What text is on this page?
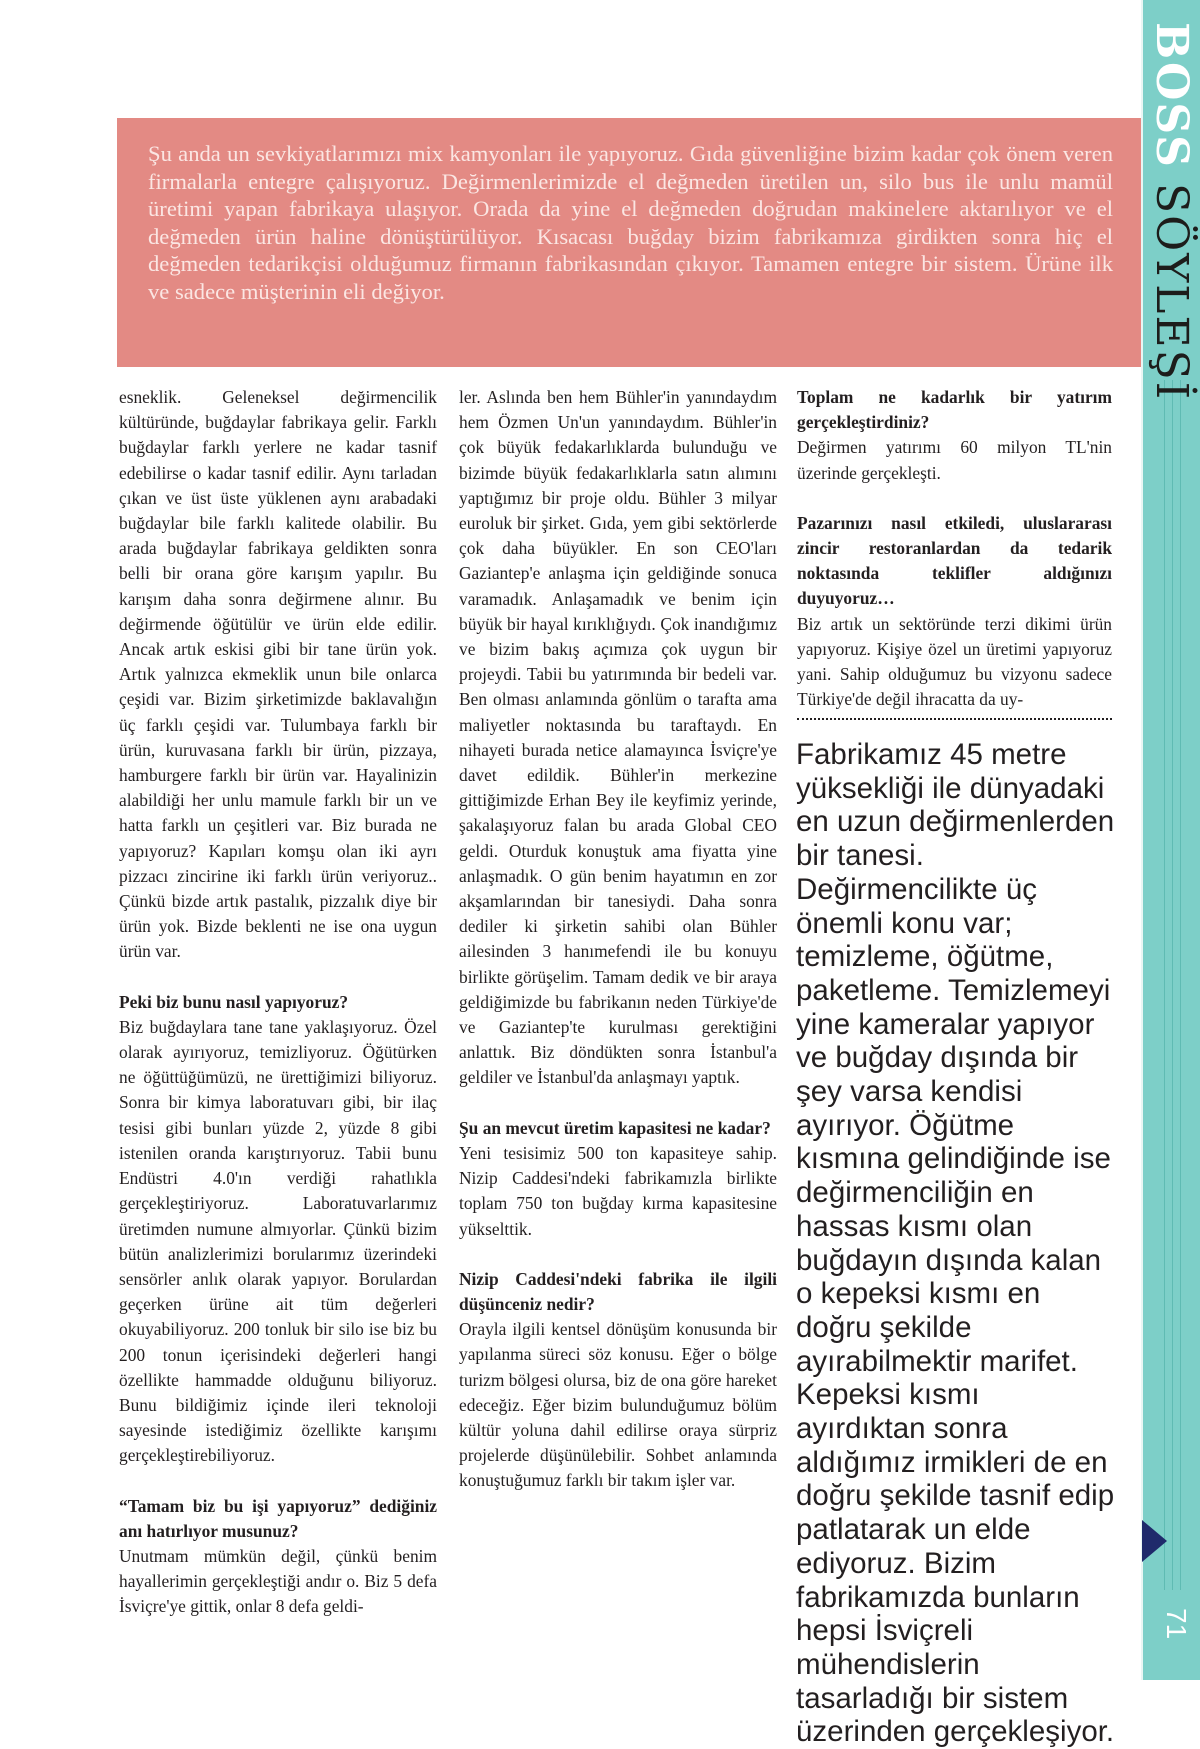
BOSSSÖYLEŞİ
71

Şu anda un sevkiyatlarımızı mix kamyonları ile yapıyoruz. Gıda güvenliğine bizim kadar çok önem veren firmalarla entegre çalışıyoruz. Değirmenlerimizde el değmeden üretilen un, silo bus ile unlu mamül üretimi yapan fabrikaya ulaşıyor. Orada da yine el değmeden doğrudan makinelere aktarılıyor ve el değmeden ürün haline dönüştürülüyor. Kısacası buğday bizim fabrikamıza girdikten sonra hiç el değmeden tedarikçisi olduğumuz firmanın fabrikasından çıkıyor. Tamamen entegre bir sistem. Ürüne ilk ve sadece müşterinin eli değiyor.

esneklik. Geleneksel değirmencilik kültüründe, buğdaylar fabrikaya gelir. Farklı buğdaylar farklı yerlere ne kadar tasnif edebilirse o kadar tasnif edilir. Aynı tarladan çıkan ve üst üste yüklenen aynı arabadaki buğdaylar bile farklı kalitede olabilir. Bu arada buğdaylar fabrikaya geldikten sonra belli bir orana göre karışım yapılır. Bu karışım daha sonra değirmene alınır. Bu değirmende öğütülür ve ürün elde edilir. Ancak artık eskisi gibi bir tane ürün yok. Artık yalnızca ekmeklik unun bile onlarca çeşidi var. Bizim şirketimizde baklavalığın üç farklı çeşidi var. Tulumbaya farklı bir ürün, kuruvasana farklı bir ürün, pizzaya, hamburgere farklı bir ürün var. Hayalinizin alabildiği her unlu mamule farklı bir un ve hatta farklı un çeşitleri var. Biz burada ne yapıyoruz? Kapıları komşu olan iki ayrı pizzacı zincirine iki farklı ürün veriyoruz.. Çünkü bizde artık pastalık, pizzalık diye bir ürün yok. Bizde beklenti ne ise ona uygun ürün var.

Peki biz bunu nasıl yapıyoruz?

Biz buğdaylara tane tane yaklaşıyoruz. Özel olarak ayırıyoruz, temizliyoruz. Öğütürken ne öğüttüğümüzü, ne ürettiğimizi biliyoruz. Sonra bir kimya laboratuvarı gibi, bir ilaç tesisi gibi bunları yüzde 2, yüzde 8 gibi istenilen oranda karıştırıyoruz. Tabii bunu Endüstri 4.0'ın verdiği rahatlıkla gerçekleştiriyoruz. Laboratuvarlarımız üretimden numune almıyorlar. Çünkü bizim bütün analizlerimizi borularımız üzerindeki sensörler anlık olarak yapıyor. Borulardan geçerken ürüne ait tüm değerleri okuyabiliyoruz. 200 tonluk bir silo ise biz bu 200 tonun içerisindeki değerleri hangi özellikte hammadde olduğunu biliyoruz. Bunu bildiğimiz içinde ileri teknoloji sayesinde istediğimiz özellikte karışımı gerçekleştirebiliyoruz.

“Tamam biz bu işi yapıyoruz” dediğiniz anı hatırlıyor musunuz?

Unutmam mümkün değil, çünkü benim hayallerimin gerçekleştiği andır o. Biz 5 defa İsviçre'ye gittik, onlar 8 defa geldi-

ler. Aslında ben hem Bühler'in yanındaydım hem Özmen Un'un yanındaydım. Bühler'in çok büyük fedakarlıklarda bulunduğu ve bizimde büyük fedakarlıklarla satın alımını yaptığımız bir proje oldu. Bühler 3 milyar euroluk bir şirket. Gıda, yem gibi sektörlerde çok daha büyükler. En son CEO'ları Gaziantep'e anlaşma için geldiğinde sonuca varamadık. Anlaşamadık ve benim için büyük bir hayal kırıklığıydı. Çok inandığımız ve bizim bakış açımıza çok uygun bir projeydi. Tabii bu yatırımında bir bedeli var. Ben olması anlamında gönlüm o tarafta ama maliyetler noktasında bu taraftaydı. En nihayeti burada netice alamayınca İsviçre'ye davet edildik. Bühler'in merkezine gittiğimizde Erhan Bey ile keyfimiz yerinde, şakalaşıyoruz falan bu arada Global CEO geldi. Oturduk konuştuk ama fiyatta yine anlaşmadık. O gün benim hayatımın en zor akşamlarından bir tanesiydi. Daha sonra dediler ki şirketin sahibi olan Bühler ailesinden 3 hanımefendi ile bu konuyu birlikte görüşelim. Tamam dedik ve bir araya geldiğimizde bu fabrikanın neden Türkiye'de ve Gaziantep'te kurulması gerektiğini anlattık. Biz döndükten sonra İstanbul'a geldiler ve İstanbul'da anlaşmayı yaptık.

Şu an mevcut üretim kapasitesi ne kadar?

Yeni tesisimiz 500 ton kapasiteye sahip. Nizip Caddesi'ndeki fabrikamızla birlikte toplam 750 ton buğday kırma kapasitesine yükselttik.

Nizip Caddesi'ndeki fabrika ile ilgili düşünceniz nedir?

Orayla ilgili kentsel dönüşüm konusunda bir yapılanma süreci söz konusu. Eğer o bölge turizm bölgesi olursa, biz de ona göre hareket edeceğiz. Eğer bizim bulunduğumuz bölüm kültür yoluna dahil edilirse oraya sürpriz projelerde düşünülebilir. Sohbet anlamında konuştuğumuz farklı bir takım işler var.

Toplam ne kadarlık bir yatırım gerçekleştirdiniz?

Değirmen yatırımı 60 milyon TL'nin üzerinde gerçekleşti.

Pazarınızı nasıl etkiledi, uluslararası zincir restoranlardan da tedarik noktasında teklifler aldığınızı duyuyoruz…

Biz artık un sektöründe terzi dikimi ürün yapıyoruz. Kişiye özel un üretimi yapıyoruz yani. Sahip olduğumuz bu vizyonu sadece Türkiye'de değil ihracatta da uy-

Fabrikamız 45 metre yüksekliği ile dünyadaki en uzun değirmenlerden bir tanesi. Değirmencilikte üç önemli konu var; temizleme, öğütme, paketleme. Temizlemeyi yine kameralar yapıyor ve buğday dışında bir şey varsa kendisi ayırıyor. Öğütme kısmına gelindiğinde ise değirmenciliğin en hassas kısmı olan buğdayın dışında kalan o kepeksi kısmı en doğru şekilde ayırabilmektir marifet. Kepeksi kısmı ayırdıktan sonra aldığımız irmikleri de en doğru şekilde tasnif edip patlatarak un elde ediyoruz. Bizim fabrikamızda bunların hepsi İsviçreli mühendislerin tasarladığı bir sistem üzerinden gerçekleşiyor.
